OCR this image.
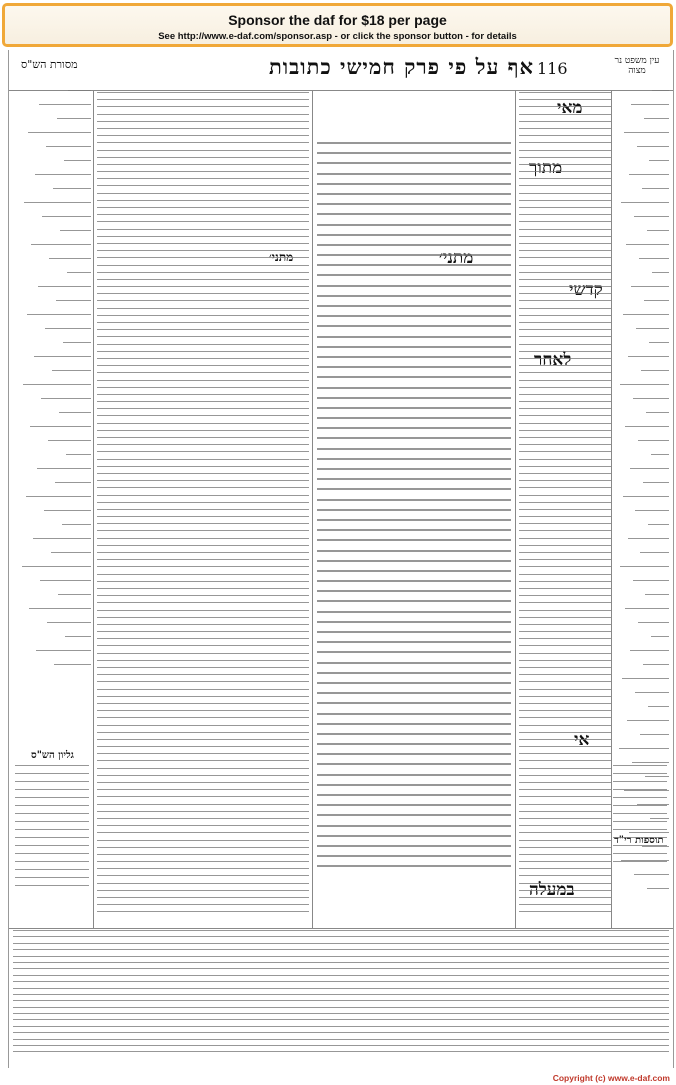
Sponsor the daf for $18 per page
See http://www.e-daf.com/sponsor.asp - or click the sponsor button - for details
מסורת הש"ס	אף על פי פרק חמישי כתובות 116	עין משפט נר מצוה
מאי
מתוך
קדשי
לאחר
אי
במעלה
מתני׳
מתני׳
תוספות רי"ד
גליון הש"ס
Copyright (c) www.e-daf.com
